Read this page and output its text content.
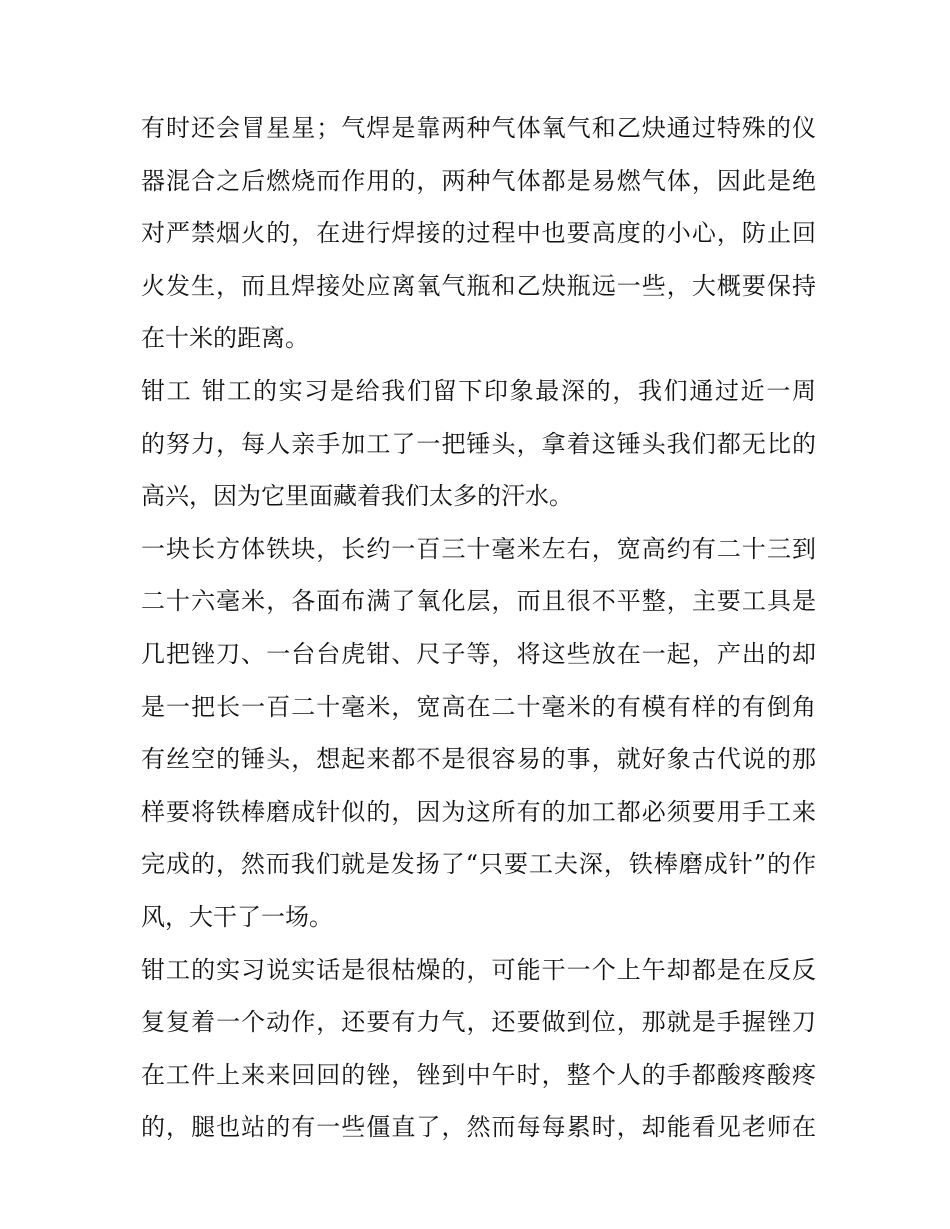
有时还会冒星星；气焊是靠两种气体氧气和乙炔通过特殊的仪
器混合之后燃烧而作用的，两种气体都是易燃气体，因此是绝
对严禁烟火的，在进行焊接的过程中也要高度的小心，防止回
火发生，而且焊接处应离氧气瓶和乙炔瓶远一些，大概要保持
在十米的距离。
钳工 钳工的实习是给我们留下印象最深的，我们通过近一周
的努力，每人亲手加工了一把锤头，拿着这锤头我们都无比的
高兴，因为它里面藏着我们太多的汗水。
一块长方体铁块，长约一百三十毫米左右，宽高约有二十三到
二十六毫米，各面布满了氧化层，而且很不平整，主要工具是
几把锉刀、一台台虎钳、尺子等，将这些放在一起，产出的却
是一把长一百二十毫米，宽高在二十毫米的有模有样的有倒角
有丝空的锤头，想起来都不是很容易的事，就好象古代说的那
样要将铁棒磨成针似的，因为这所有的加工都必须要用手工来
完成的，然而我们就是发扬了“只要工夫深，铁棒磨成针”的作
风，大干了一场。
钳工的实习说实话是很枯燥的，可能干一个上午却都是在反反
复复着一个动作，还要有力气，还要做到位，那就是手握锉刀
在工件上来来回回的锉，锉到中午时，整个人的手都酸疼酸疼
的，腿也站的有一些僵直了，然而每每累时，却能看见老师在
